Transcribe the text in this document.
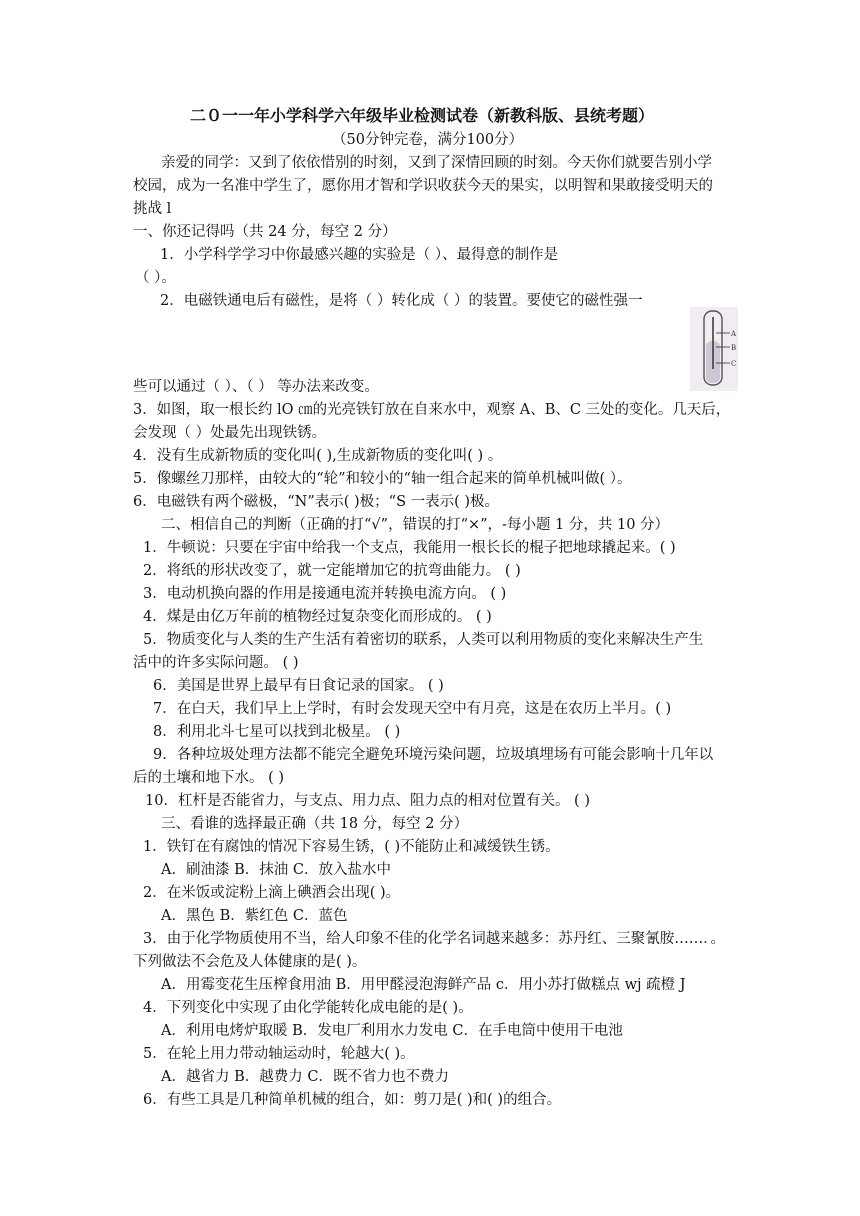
二０一一年小学科学六年级毕业检测试卷（新教科版、县统考题）
（50分钟完卷，满分100分）
亲爱的同学：又到了依依惜别的时刻，又到了深情回顾的时刻。今天你们就要告别小学
校园，成为一名准中学生了，愿你用才智和学识收获今天的果实，以明智和果敢接受明天的
挑战 l
一、你还记得吗（共 24 分，每空 2 分）
1．小学科学学习中你最感兴趣的实验是（ ）、最得意的制作是
（ ）。
2．电磁铁通电后有磁性，是将（ ）转化成（ ）的装置。要使它的磁性强一
A
B
C
些可以通过（ ）、（ ） 等办法来改变。
3．如图，取一根长约 lO ㎝的光亮铁钉放在自来水中，观察 A、B、C 三处的变化。几天后，
会发现（ ）处最先出现铁锈。
4．没有生成新物质的变化叫( ),生成新物质的变化叫( ) 。
5．像螺丝刀那样，由较大的“轮”和较小的“轴一组合起来的简单机械叫做( ）。
6．电磁铁有两个磁极，“N”表示( )极；“S 一表示( )极。
二、相信自己的判断（正确的打“√”，错误的打“×”，-每小题 1 分，共 10 分）
1．牛顿说：只要在宇宙中给我一个支点，我能用一根长长的棍子把地球撬起来。( )
2．将纸的形状改变了，就一定能增加它的抗弯曲能力。 ( )
3．电动机换向器的作用是接通电流并转换电流方向。 ( )
4．煤是由亿万年前的植物经过复杂变化而形成的。 ( )
5．物质变化与人类的生产生活有着密切的联系，人类可以利用物质的变化来解决生产生
活中的许多实际问题。 ( )
6．美国是世界上最早有日食记录的国家。 ( )
7．在白天，我们早上上学时，有时会发现天空中有月亮，这是在农历上半月。( )
8．利用北斗七星可以找到北极星。 ( )
9．各种垃圾处理方法都不能完全避免环境污染问题，垃圾填埋场有可能会影响十几年以
后的土壤和地下水。 ( )
10．杠杆是否能省力，与支点、用力点、阻力点的相对位置有关。 ( )
三、看谁的选择最正确（共 18 分，每空 2 分）
1．铁钉在有腐蚀的情况下容易生锈，( )不能防止和减缓铁生锈。
A．刷油漆 B．抹油 C．放入盐水中
2．在米饭或淀粉上滴上碘酒会出现( )。
A．黑色 B．紫红色 C．蓝色
3．由于化学物质使用不当，给人印象不佳的化学名词越来越多：苏丹红、三聚氰胺……．。
下列做法不会危及人体健康的是( )。
A．用霉变花生压榨食用油 B．用甲醛浸泡海鲜产品 c．用小苏打做糕点 wj 疏橙 J
4．下列变化中实现了由化学能转化成电能的是( )。
A．利用电烤炉取暖 B．发电厂利用水力发电 C．在手电筒中使用干电池
5．在轮上用力带动轴运动时，轮越大( )。
A．越省力 B．越费力 C．既不省力也不费力
6．有些工具是几种简单机械的组合，如：剪刀是( )和( )的组合。
